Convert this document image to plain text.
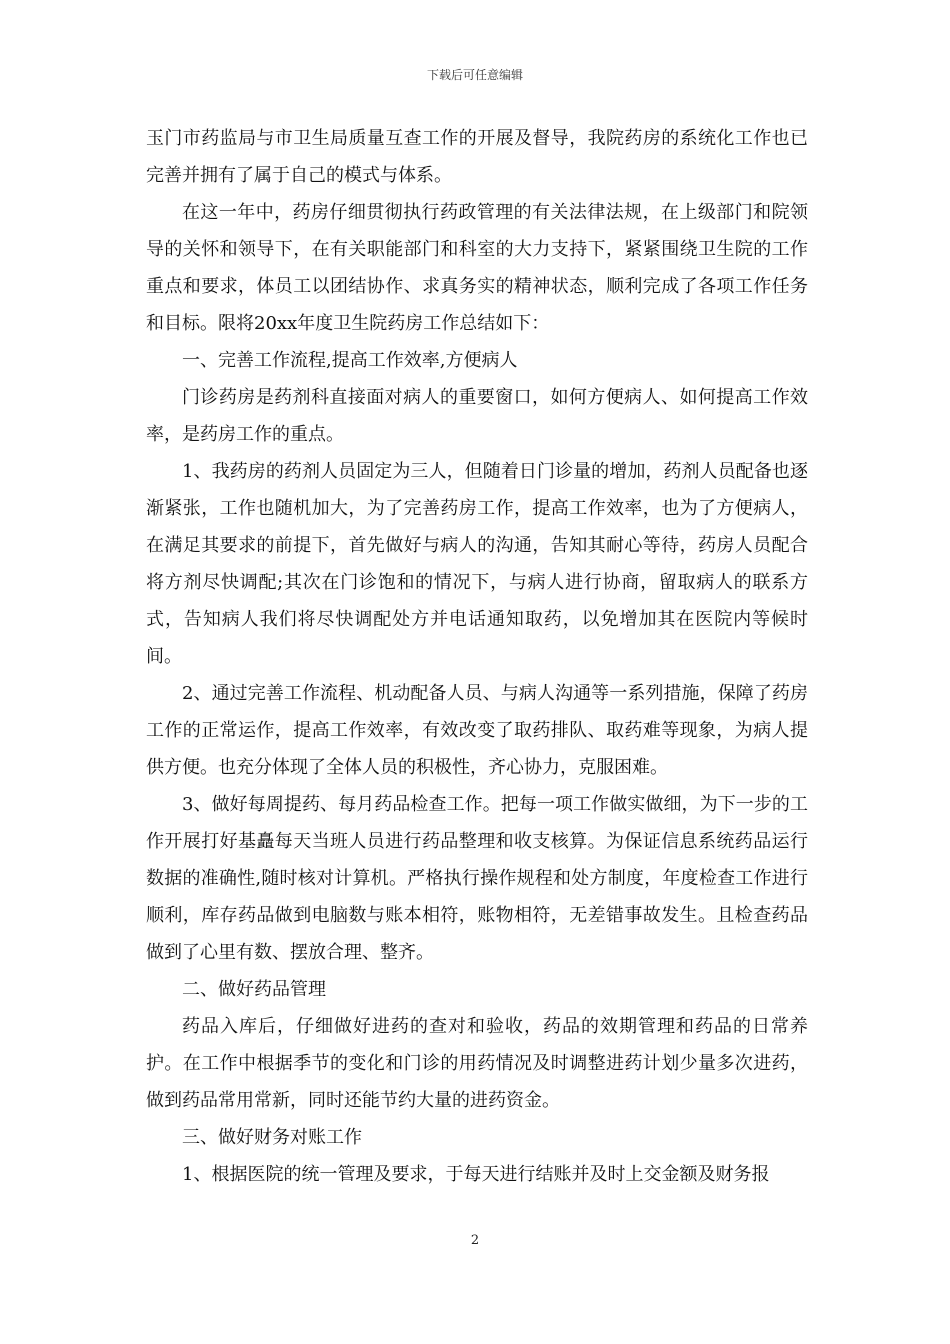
下载后可任意编辑

玉门市药监局与市卫生局质量互查工作的开展及督导，我院药房的系统化工作也已完善并拥有了属于自己的模式与体系。

在这一年中，药房仔细贯彻执行药政管理的有关法律法规，在上级部门和院领导的关怀和领导下，在有关职能部门和科室的大力支持下，紧紧围绕卫生院的工作重点和要求，体员工以团结协作、求真务实的精神状态，顺利完成了各项工作任务和目标。限将20xx年度卫生院药房工作总结如下：

一、完善工作流程,提高工作效率,方便病人

门诊药房是药剂科直接面对病人的重要窗口，如何方便病人、如何提高工作效率，是药房工作的重点。

1、我药房的药剂人员固定为三人，但随着日门诊量的增加，药剂人员配备也逐渐紧张，工作也随机加大，为了完善药房工作，提高工作效率，也为了方便病人，在满足其要求的前提下，首先做好与病人的沟通，告知其耐心等待，药房人员配合将方剂尽快调配;其次在门诊饱和的情况下，与病人进行协商，留取病人的联系方式，告知病人我们将尽快调配处方并电话通知取药，以免增加其在医院内等候时间。

2、通过完善工作流程、机动配备人员、与病人沟通等一系列措施，保障了药房工作的正常运作，提高工作效率，有效改变了取药排队、取药难等现象，为病人提供方便。也充分体现了全体人员的积极性，齐心协力，克服困难。

3、做好每周提药、每月药品检查工作。把每一项工作做实做细，为下一步的工作开展打好基矗每天当班人员进行药品整理和收支核算。为保证信息系统药品运行数据的准确性,随时核对计算机。严格执行操作规程和处方制度，年度检查工作进行顺利，库存药品做到电脑数与账本相符，账物相符，无差错事故发生。且检查药品做到了心里有数、摆放合理、整齐。

二、做好药品管理

药品入库后，仔细做好进药的查对和验收，药品的效期管理和药品的日常养护。在工作中根据季节的变化和门诊的用药情况及时调整进药计划少量多次进药，做到药品常用常新，同时还能节约大量的进药资金。

三、做好财务对账工作

1、根据医院的统一管理及要求，于每天进行结账并及时上交金额及财务报

2
